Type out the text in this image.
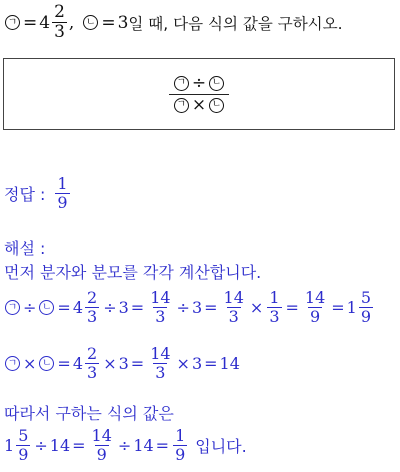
ㄱ = $4 \frac{2}{3}$ , ㄴ = 3 일 때, 다음 식의 값을 구하시오.
$\frac{\text{ㄱ ÷ ㄴ}}{\text{ㄱ × ㄴ}}$
정답 : $\frac{1}{9}$
해설 :
먼저 분자와 분모를 각각 계산합니다.
ㄱ ÷ ㄴ = $4 \frac{2}{3} \div 3 = \frac{14}{3} \div 3 = \frac{14}{3} \times \frac{1}{3} = \frac{14}{9} = 1 \frac{5}{9}$
ㄱ × ㄴ = $4 \frac{2}{3} \times 3 = \frac{14}{3} \times 3 = 14$
따라서 구하는 식의 값은
$1 \frac{5}{9} \div 14 = \frac{14}{9} \div 14 = \frac{1}{9}$ 입니다.
